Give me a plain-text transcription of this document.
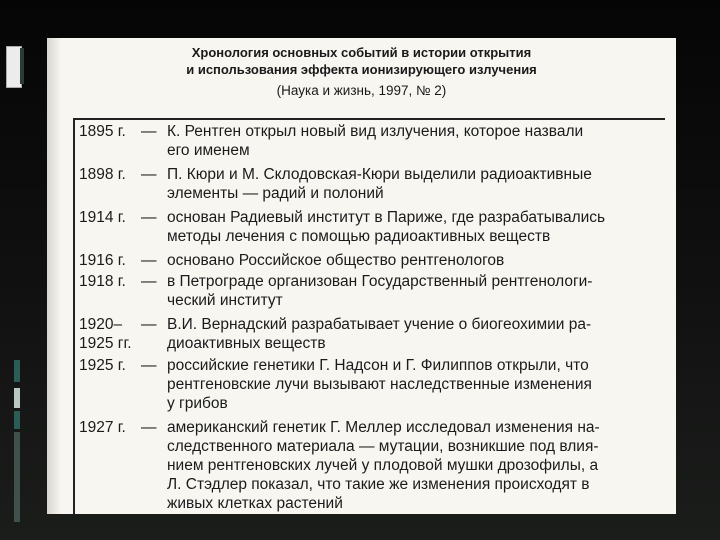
Хронология основных событий в истории открытия
и использования эффекта ионизирующего излучения
(Наука и жизнь, 1997, № 2)
1895 г. — К. Рентген открыл новый вид излучения, которое назвали
его именем
1898 г. — П. Кюри и М. Склодовская-Кюри выделили радиоактивные
элементы — радий и полоний
1914 г. — основан Радиевый институт в Париже, где разрабатывались
методы лечения с помощью радиоактивных веществ
1916 г. — основано Российское общество рентгенологов
1918 г. — в Петрограде организован Государственный рентгенологи-
ческий институт
1920–
1925 гг.
— В.И. Вернадский разрабатывает учение о биогеохимии ра-
диоактивных веществ
1925 г. — российские генетики Г. Надсон и Г. Филиппов открыли, что
рентгеновские лучи вызывают наследственные изменения
у грибов
1927 г. — американский генетик Г. Меллер исследовал изменения на-
следственного материала — мутации, возникшие под влия-
нием рентгеновских лучей у плодовой мушки дрозофилы, а
Л. Стэдлер показал, что такие же изменения происходят в
живых клетках растений
